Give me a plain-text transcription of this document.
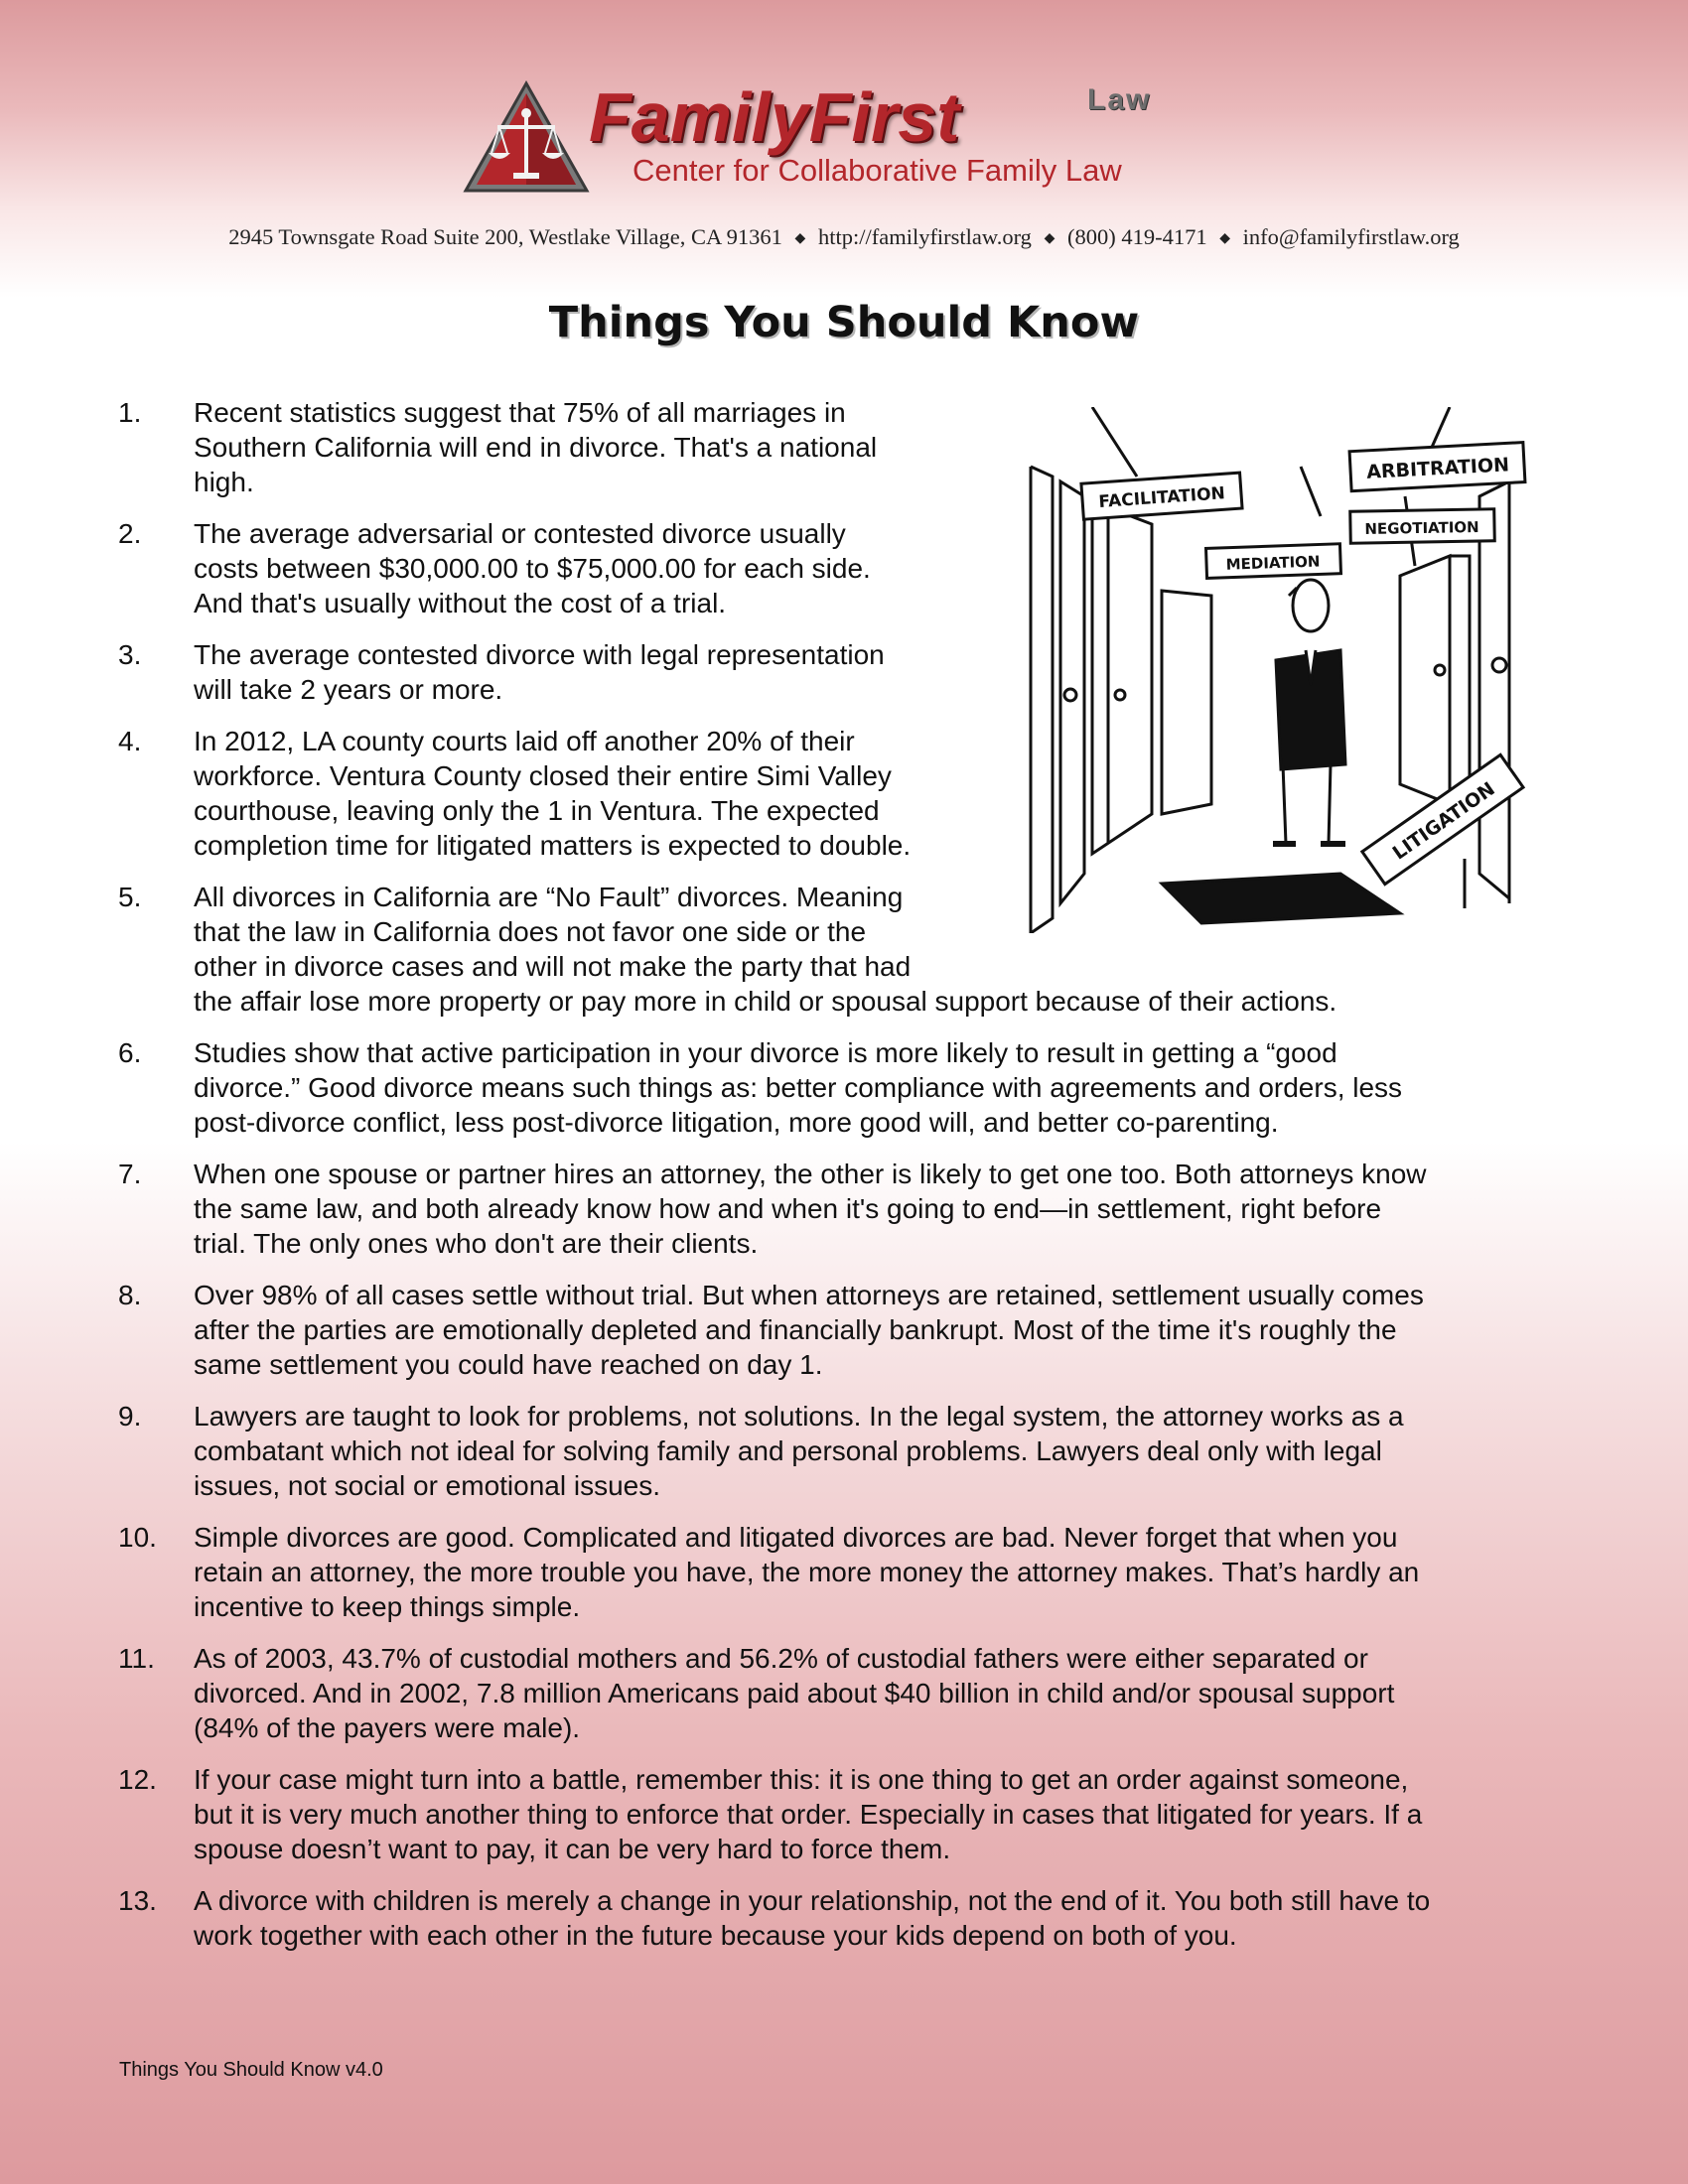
FamilyFirst	Law
Center for Collaborative Family Law
2945 Townsgate Road Suite 200, Westlake Village, CA 91361 ◆ http://familyfirstlaw.org ◆ (800) 419-4171 ◆ info@familyfirstlaw.org
Things You Should Know
FACILITATION
MEDIATION
ARBITRATION
NEGOTIATION
LITIGATION
1. Recent statistics suggest that 75% of all marriages in
Southern California will end in divorce. That's a national
high.
2. The average adversarial or contested divorce usually
costs between $30,000.00 to $75,000.00 for each side.
And that's usually without the cost of a trial.
3. The average contested divorce with legal representation
will take 2 years or more.
4. In 2012, LA county courts laid off another 20% of their
workforce. Ventura County closed their entire Simi Valley
courthouse, leaving only the 1 in Ventura. The expected
completion time for litigated matters is expected to double.
5. All divorces in California are “No Fault” divorces. Meaning
that the law in California does not favor one side or the
other in divorce cases and will not make the party that had
the affair lose more property or pay more in child or spousal support because of their actions.
6. Studies show that active participation in your divorce is more likely to result in getting a “good
divorce.” Good divorce means such things as: better compliance with agreements and orders, less
post-divorce conflict, less post-divorce litigation, more good will, and better co-parenting.
7. When one spouse or partner hires an attorney, the other is likely to get one too. Both attorneys know
the same law, and both already know how and when it's going to end—in settlement, right before
trial. The only ones who don't are their clients.
8. Over 98% of all cases settle without trial. But when attorneys are retained, settlement usually comes
after the parties are emotionally depleted and financially bankrupt. Most of the time it's roughly the
same settlement you could have reached on day 1.
9. Lawyers are taught to look for problems, not solutions. In the legal system, the attorney works as a
combatant which not ideal for solving family and personal problems. Lawyers deal only with legal
issues, not social or emotional issues.
10. Simple divorces are good. Complicated and litigated divorces are bad. Never forget that when you
retain an attorney, the more trouble you have, the more money the attorney makes. That’s hardly an
incentive to keep things simple.
11. As of 2003, 43.7% of custodial mothers and 56.2% of custodial fathers were either separated or
divorced. And in 2002, 7.8 million Americans paid about $40 billion in child and/or spousal support
(84% of the payers were male).
12. If your case might turn into a battle, remember this: it is one thing to get an order against someone,
but it is very much another thing to enforce that order. Especially in cases that litigated for years. If a
spouse doesn’t want to pay, it can be very hard to force them.
13. A divorce with children is merely a change in your relationship, not the end of it. You both still have to
work together with each other in the future because your kids depend on both of you.
Things You Should Know v4.0
